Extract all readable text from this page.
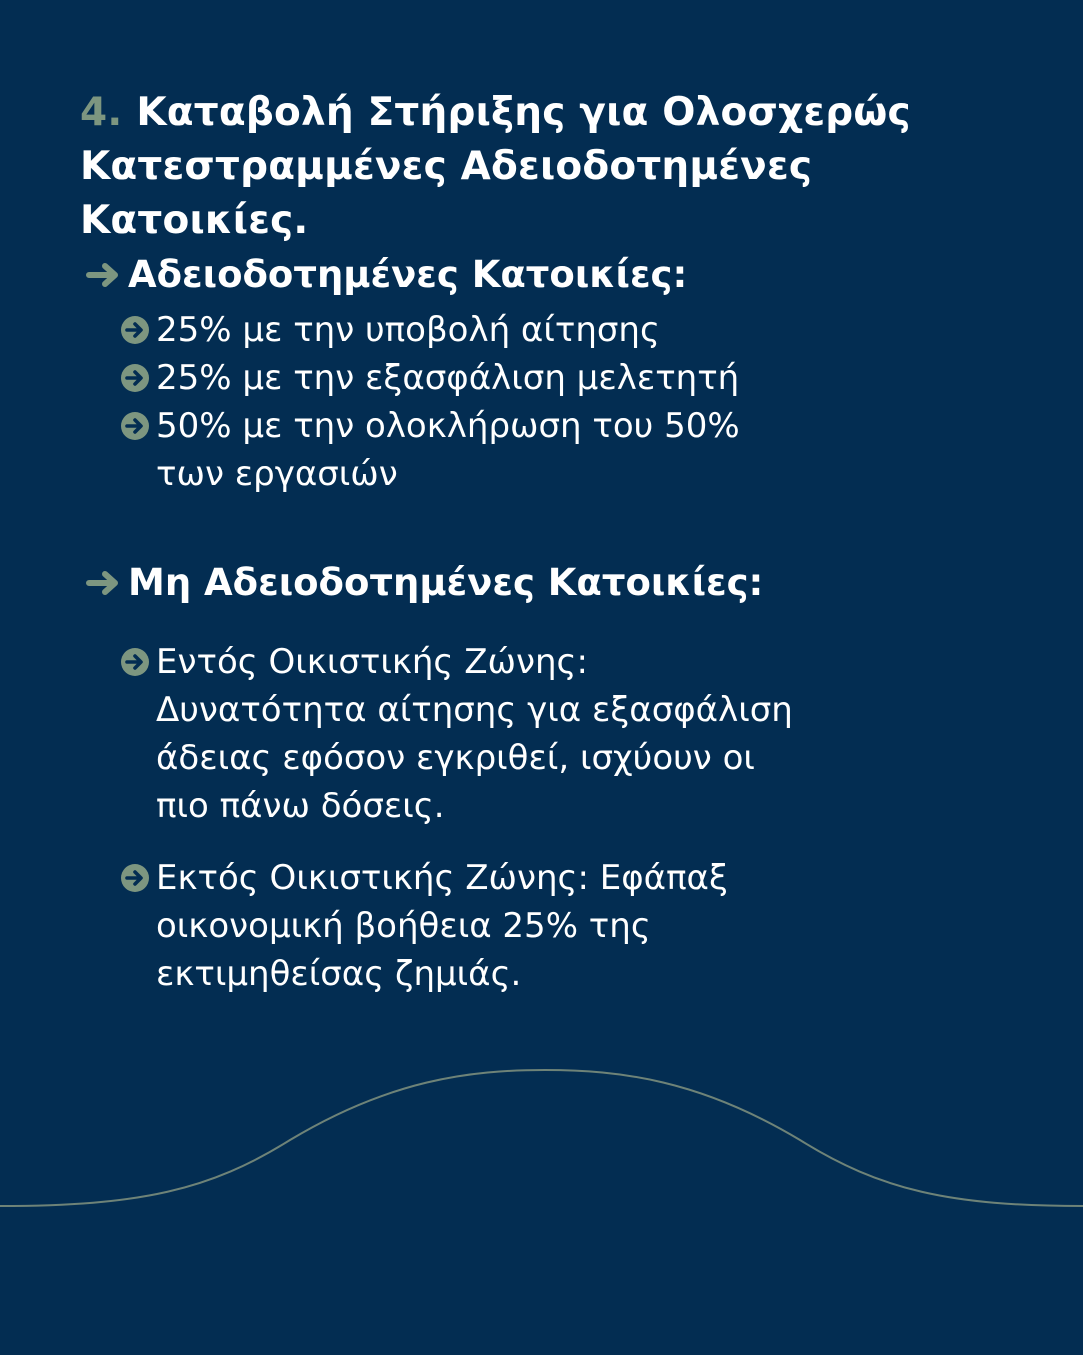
4. Καταβολή Στήριξης για Ολοσχερώς Κατεστραμμένες Αδειοδοτημένες Κατοικίες.
Αδειοδοτημένες Κατοικίες:
25% με την υποβολή αίτησης
25% με την εξασφάλιση μελετητή
50% με την ολοκλήρωση του 50% των εργασιών
Μη Αδειοδοτημένες Κατοικίες:
Εντός Οικιστικής Ζώνης: Δυνατότητα αίτησης για εξασφάλιση άδειας εφόσον εγκριθεί, ισχύουν οι πιο πάνω δόσεις.
Εκτός Οικιστικής Ζώνης: Εφάπαξ οικονομική βοήθεια 25% της εκτιμηθείσας ζημιάς.
